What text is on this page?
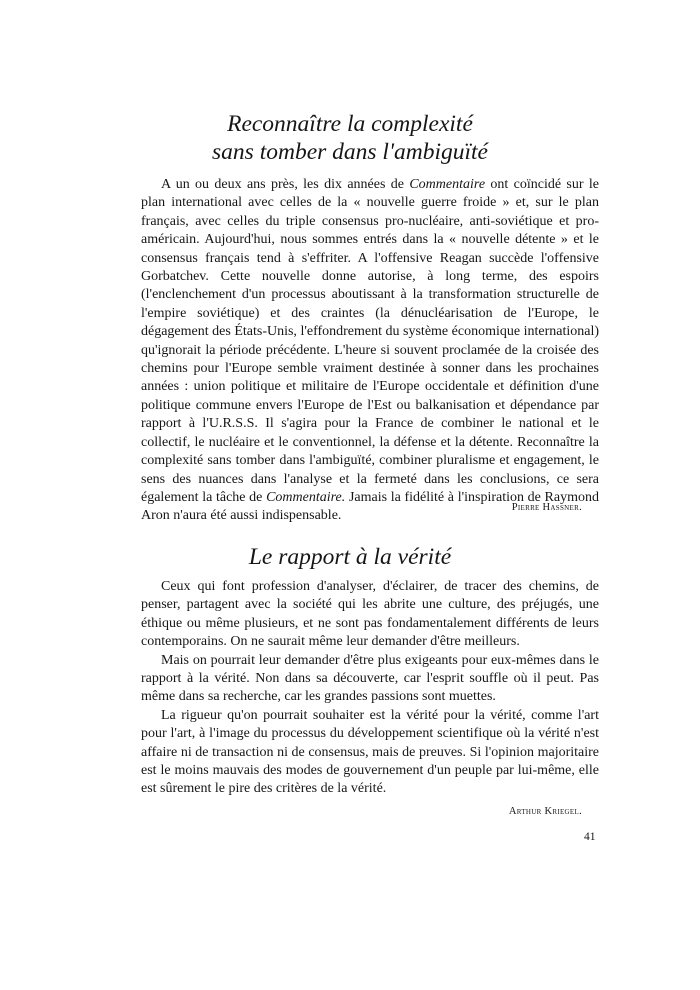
Reconnaître la complexité
sans tomber dans l'ambiguïté

A un ou deux ans près, les dix années de Commentaire ont coïncidé sur le plan international avec celles de la « nouvelle guerre froide » et, sur le plan français, avec celles du triple consensus pro-nucléaire, anti-soviétique et pro-américain. Aujourd'hui, nous sommes entrés dans la « nouvelle détente » et le consensus français tend à s'effriter. A l'offensive Reagan succède l'offensive Gorbatchev. Cette nouvelle donne autorise, à long terme, des espoirs (l'enclenchement d'un processus aboutissant à la transformation structurelle de l'empire soviétique) et des craintes (la dénucléarisation de l'Europe, le dégagement des États-Unis, l'effondrement du système économique international) qu'ignorait la période précédente. L'heure si souvent proclamée de la croisée des chemins pour l'Europe semble vraiment destinée à sonner dans les prochaines années : union politique et militaire de l'Europe occidentale et définition d'une politique commune envers l'Europe de l'Est ou balkanisation et dépendance par rapport à l'U.R.S.S. Il s'agira pour la France de combiner le national et le collectif, le nucléaire et le conventionnel, la défense et la détente. Reconnaître la complexité sans tomber dans l'ambiguïté, combiner pluralisme et engagement, le sens des nuances dans l'analyse et la fermeté dans les conclusions, ce sera également la tâche de Commentaire. Jamais la fidélité à l'inspiration de Raymond Aron n'aura été aussi indispensable.

Pierre Hassner.
Le rapport à la vérité

Ceux qui font profession d'analyser, d'éclairer, de tracer des chemins, de penser, partagent avec la société qui les abrite une culture, des préjugés, une éthique ou même plusieurs, et ne sont pas fondamentalement différents de leurs contemporains. On ne saurait même leur demander d'être meilleurs.

Mais on pourrait leur demander d'être plus exigeants pour eux-mêmes dans le rapport à la vérité. Non dans sa découverte, car l'esprit souffle où il peut. Pas même dans sa recherche, car les grandes passions sont muettes.

La rigueur qu'on pourrait souhaiter est la vérité pour la vérité, comme l'art pour l'art, à l'image du processus du développement scientifique où la vérité n'est affaire ni de transaction ni de consensus, mais de preuves. Si l'opinion majoritaire est le moins mauvais des modes de gouvernement d'un peuple par lui-même, elle est sûrement le pire des critères de la vérité.

Arthur Kriegel.
41
